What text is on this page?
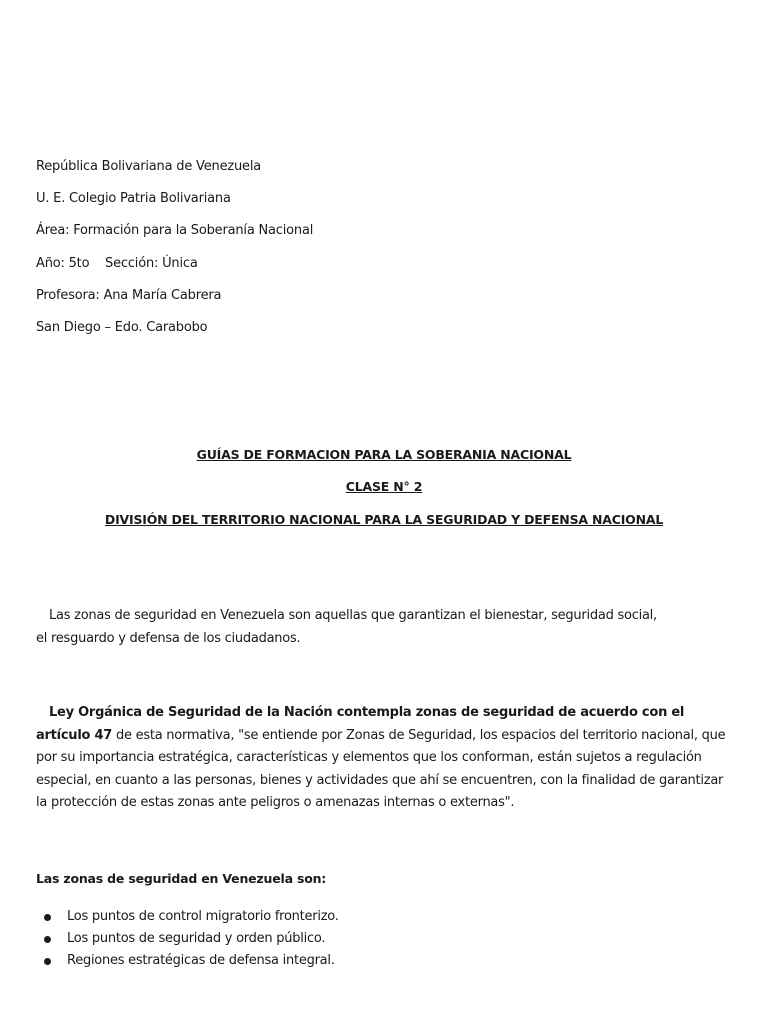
República Bolivariana de Venezuela
U. E. Colegio Patria Bolivariana
Área: Formación para la Soberanía Nacional
Año: 5to    Sección: Única
Profesora: Ana María Cabrera
San Diego – Edo. Carabobo
GUÍAS DE FORMACION PARA LA SOBERANIA NACIONAL
CLASE N° 2
DIVISIÓN DEL TERRITORIO NACIONAL PARA LA SEGURIDAD Y DEFENSA NACIONAL
Las zonas de seguridad en Venezuela son aquellas que garantizan el bienestar, seguridad social,
el resguardo y defensa de los ciudadanos.
Ley Orgánica de Seguridad de la Nación contempla zonas de seguridad de acuerdo con el artículo 47 de esta normativa, "se entiende por Zonas de Seguridad, los espacios del territorio nacional, que por su importancia estratégica, características y elementos que los conforman, están sujetos a regulación especial, en cuanto a las personas, bienes y actividades que ahí se encuentren, con la finalidad de garantizar la protección de estas zonas ante peligros o amenazas internas o externas".
Las zonas de seguridad en Venezuela son:
Los puntos de control migratorio fronterizo.
Los puntos de seguridad y orden público.
Regiones estratégicas de defensa integral.
